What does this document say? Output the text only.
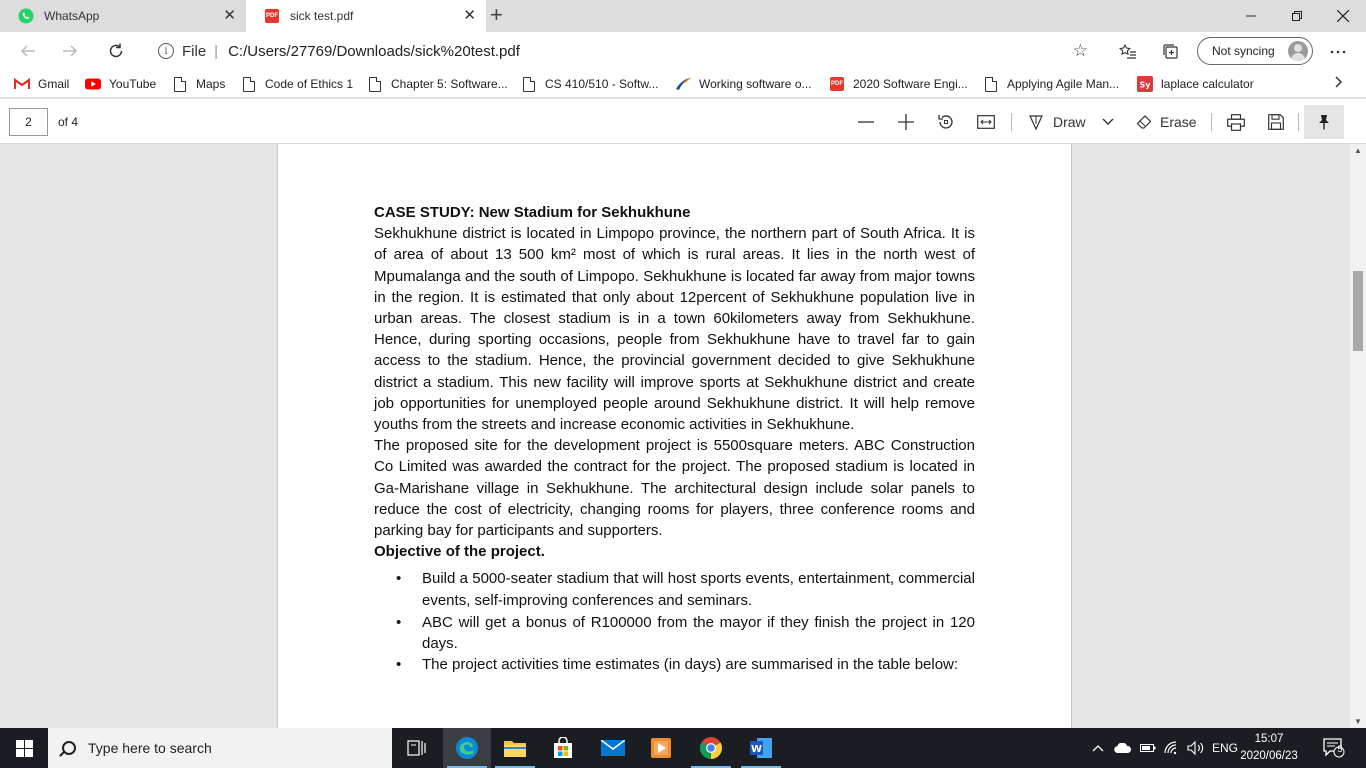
WhatsApp	✕	PDF sick test.pdf	✕ +
i File | C:/Users/27769/Downloads/sick%20test.pdf	☆	Not syncing
Gmail	YouTube	Maps	Code of Ethics 1	Chapter 5: Software...	CS 410/510 - Softw...	Working software o...	PDF 2020 Software Engi...	Applying Agile Man...	Sy laplace calculator
2	of 4	Draw	Erase

CASE STUDY: New Stadium for Sekhukhune

Sekhukhune district is located in Limpopo province, the northern part of South Africa. It is of area of about 13 500 km² most of which is rural areas. It lies in the north west of Mpumalanga and the south of Limpopo. Sekhukhune is located far away from major towns in the region. It is estimated that only about 12percent of Sekhukhune population live in urban areas. The closest stadium is in a town 60kilometers away from Sekhukhune. Hence, during sporting occasions, people from Sekhukhune have to travel far to gain access to the stadium. Hence, the provincial government decided to give Sekhukhune district a stadium. This new facility will improve sports at Sekhukhune district and create job opportunities for unemployed people around Sekhukhune district. It will help remove youths from the streets and increase economic activities in Sekhukhune.

The proposed site for the development project is 5500square meters. ABC Construction Co Limited was awarded the contract for the project. The proposed stadium is located in Ga-Marishane village in Sekhukhune. The architectural design include solar panels to reduce the cost of electricity, changing rooms for players, three conference rooms and parking bay for participants and supporters.

Objective of the project.

• Build a 5000-seater stadium that will host sports events, entertainment, commercial events, self-improving conferences and seminars.
• ABC will get a bonus of R100000 from the mayor if they finish the project in 120 days.
• The project activities time estimates (in days) are summarised in the table below:
▲
▼
Type here to search	W	ENG
15:07
2020/06/23
5
